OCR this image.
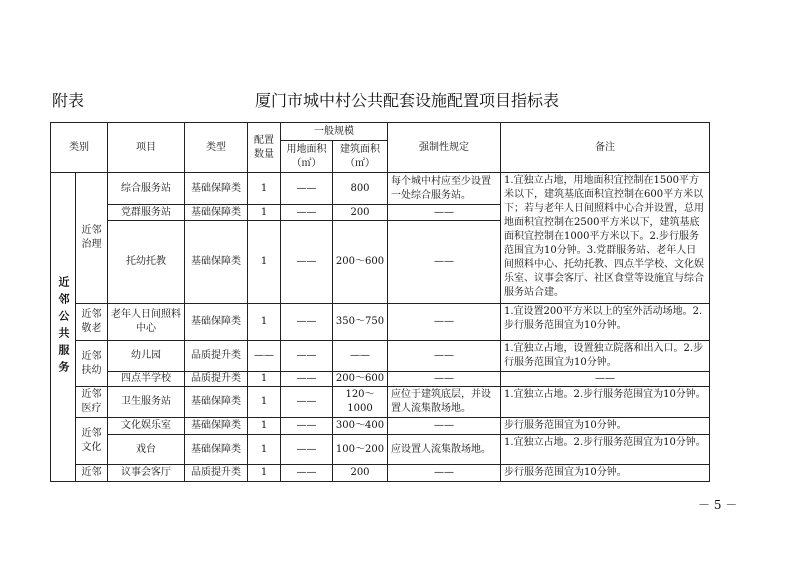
附表	厦门市城中村公共配套设施配置项目指标表
类别		项目	类型	配置数量	一般规模		强制性规定	备注
					用地面积（㎡）	建筑面积（㎡）		
近邻公共服务	近邻治理	综合服务站	基础保障类	1	——	800	每个城中村应至少设置一处综合服务站。	1.宜独立占地，用地面积宜控制在1500平方米以下，建筑基底面积宜控制在600平方米以下；若与老年人日间照料中心合并设置，总用地面积宜控制在2500平方米以下，建筑基底面积宜控制在1000平方米以下。2.步行服务范围宜为10分钟。3.党群服务站、老年人日间照料中心、托幼托教、四点半学校、文化娱乐室、议事会客厅、社区食堂等设施宜与综合服务站合建。
		党群服务站	基础保障类	1	——	200	——	
		托幼托教	基础保障类	1	——	200～600	——	
	近邻敬老	老年人日间照料中心	基础保障类	1	——	350～750	——	1.宜设置200平方米以上的室外活动场地。2.步行服务范围宜为10分钟。
	近邻扶幼	幼儿园	品质提升类	——	——	——	——	1.宜独立占地，设置独立院落和出入口。2.步行服务范围宜为10分钟。
		四点半学校	品质提升类	1	——	200～600	——	——
	近邻医疗	卫生服务站	基础保障类	1	——	120～1000	应位于建筑底层，并设置人流集散场地。	1.宜独立占地。2.步行服务范围宜为10分钟。
	近邻文化	文化娱乐室	基础保障类	1	——	300～400	——	步行服务范围宜为10分钟。
		戏台	基础保障类	1	——	100～200	应设置人流集散场地。	1.宜独立占地。2.步行服务范围宜为10分钟。
	近邻	议事会客厅	品质提升类	1	——	200	——	步行服务范围宜为10分钟。
－ 5 －
